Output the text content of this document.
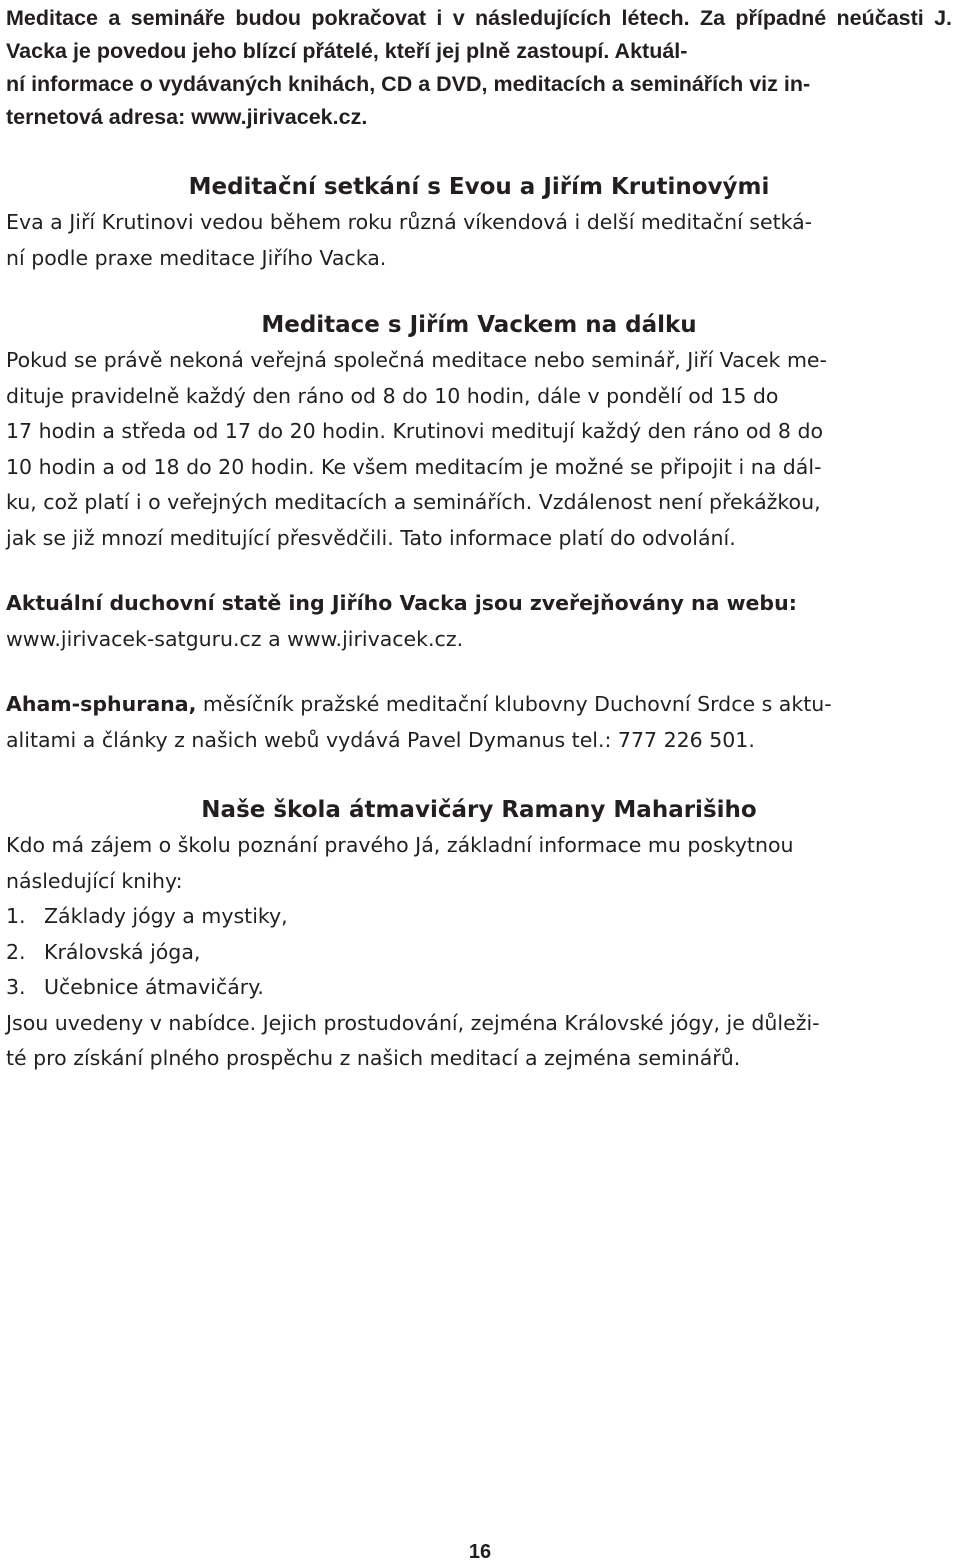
Meditace a semináře budou pokračovat i v následujících létech. Za případné neúčasti J. Vacka je povedou jeho blízcí přátelé, kteří jej plně zastoupí. Aktuál-
ní informace o vydávaných knihách, CD a DVD, meditacích a seminářích viz in-
ternetová adresa: www.jirivacek.cz.

Meditační setkání s Evou a Jiřím Krutinovými

Eva a Jiří Krutinovi vedou během roku různá víkendová i delší meditační setká-
ní podle praxe meditace Jiřího Vacka.

Meditace s Jiřím Vackem na dálku

Pokud se právě nekoná veřejná společná meditace nebo seminář, Jiří Vacek me-
dituje pravidelně každý den ráno od 8 do 10 hodin, dále v pondělí od 15 do
17 hodin a středa od 17 do 20 hodin. Krutinovi meditují každý den ráno od 8 do
10 hodin a od 18 do 20 hodin. Ke všem meditacím je možné se připojit i na dál-
ku, což platí i o veřejných meditacích a seminářích. Vzdálenost není překážkou,
jak se již mnozí meditující přesvědčili. Tato informace platí do odvolání.

Aktuální duchovní statě ing Jiřího Vacka jsou zveřejňovány na webu:

www.jirivacek-satguru.cz a www.jirivacek.cz.

Aham-sphurana, měsíčník pražské meditační klubovny Duchovní Srdce s aktu-
alitami a články z našich webů vydává Pavel Dymanus tel.: 777 226 501.

Naše škola átmavičáry Ramany Maharišiho

Kdo má zájem o školu poznání pravého Já, základní informace mu poskytnou
následující knihy:

1. Základy jógy a mystiky,
2. Královská jóga,
3. Učebnice átmavičáry.

Jsou uvedeny v nabídce. Jejich prostudování, zejména Královské jógy, je důleži-
té pro získání plného prospěchu z našich meditací a zejména seminářů.

16
